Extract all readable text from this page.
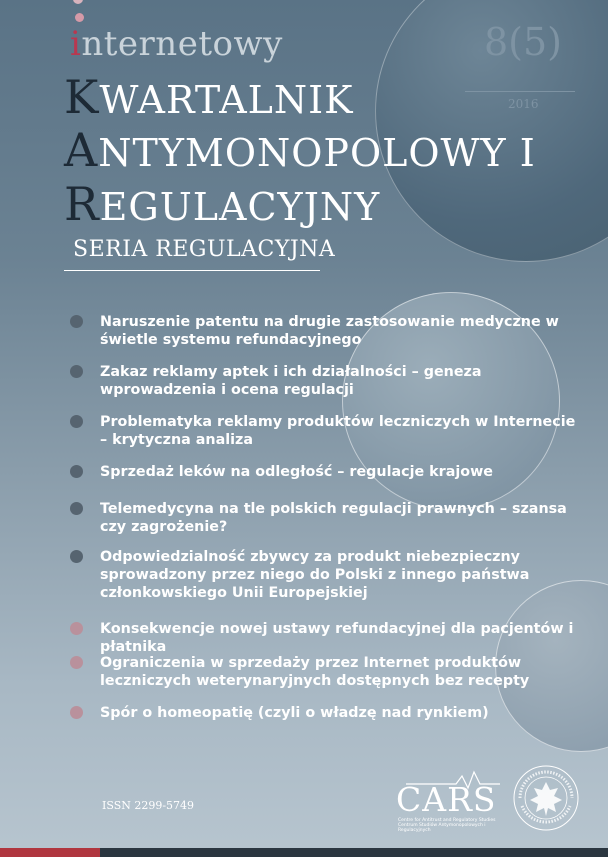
internetowy
KWARTALNIK
ANTYMONOPOLOWY I
REGULACYJNY
SERIA REGULACYJNA
8(5)
2016
Naruszenie patentu na drugie zastosowanie medyczne w świetle systemu refundacyjnego
Zakaz reklamy aptek i ich działalności – geneza wprowadzenia i ocena regulacji
Problematyka reklamy produktów leczniczych w Internecie – krytyczna analiza
Sprzedaż leków na odległość – regulacje krajowe
Telemedycyna na tle polskich regulacji prawnych – szansa czy zagrożenie?
Odpowiedzialność zbywcy za produkt niebezpieczny sprowadzony przez niego do Polski z innego państwa członkowskiego Unii Europejskiej
Konsekwencje nowej ustawy refundacyjnej dla pacjentów i płatnika
Ograniczenia w sprzedaży przez Internet produktów leczniczych weterynaryjnych dostępnych bez recepty
Spór o homeopatię (czyli o władzę nad rynkiem)
ISSN 2299-5749	CARS
Centre for Antitrust and Regulatory Studies
Centrum Studiów Antymonopolowych i Regulacyjnych
